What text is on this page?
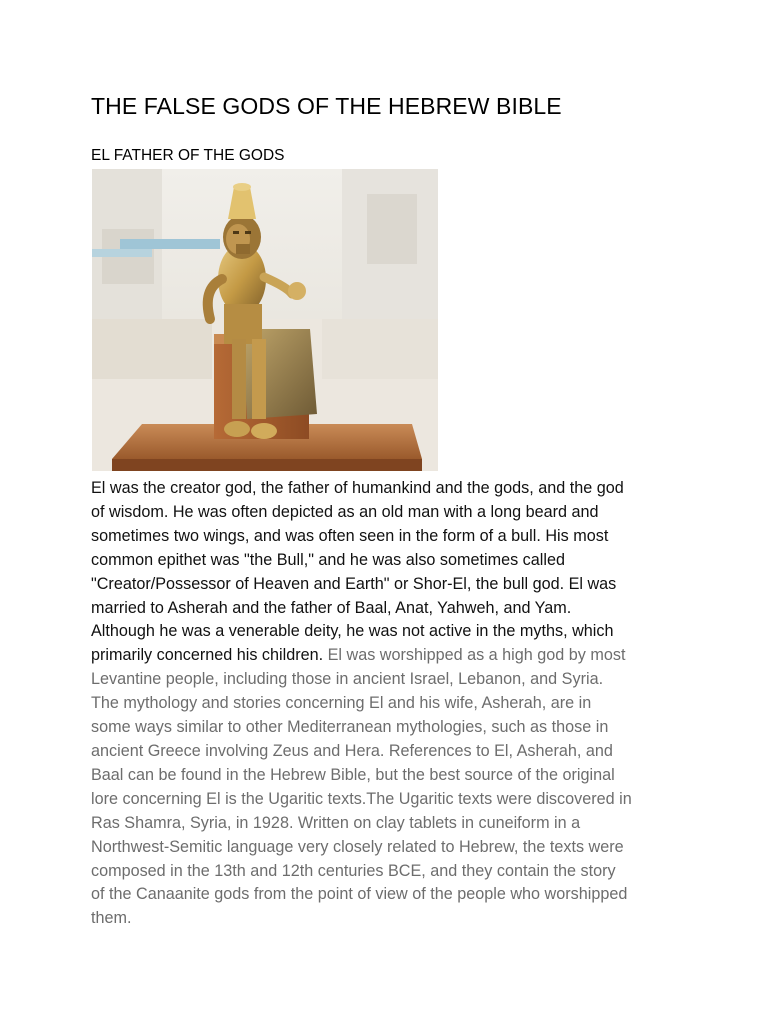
THE FALSE GODS OF THE HEBREW BIBLE
EL FATHER OF THE GODS
El was the creator god, the father of humankind and the gods, and the god
of wisdom. He was often depicted as an old man with a long beard and
sometimes two wings, and was often seen in the form of a bull. His most
common epithet was "the Bull," and he was also sometimes called
"Creator/Possessor of Heaven and Earth" or Shor-El, the bull god. El was
married to Asherah and the father of Baal, Anat, Yahweh, and Yam.
Although he was a venerable deity, he was not active in the myths, which
primarily concerned his children. El was worshipped as a high god by most
Levantine people, including those in ancient Israel, Lebanon, and Syria.
The mythology and stories concerning El and his wife, Asherah, are in
some ways similar to other Mediterranean mythologies, such as those in
ancient Greece involving Zeus and Hera. References to El, Asherah, and
Baal can be found in the Hebrew Bible, but the best source of the original
lore concerning El is the Ugaritic texts.The Ugaritic texts were discovered in
Ras Shamra, Syria, in 1928. Written on clay tablets in cuneiform in a
Northwest-Semitic language very closely related to Hebrew, the texts were
composed in the 13th and 12th centuries BCE, and they contain the story
of the Canaanite gods from the point of view of the people who worshipped
them.
